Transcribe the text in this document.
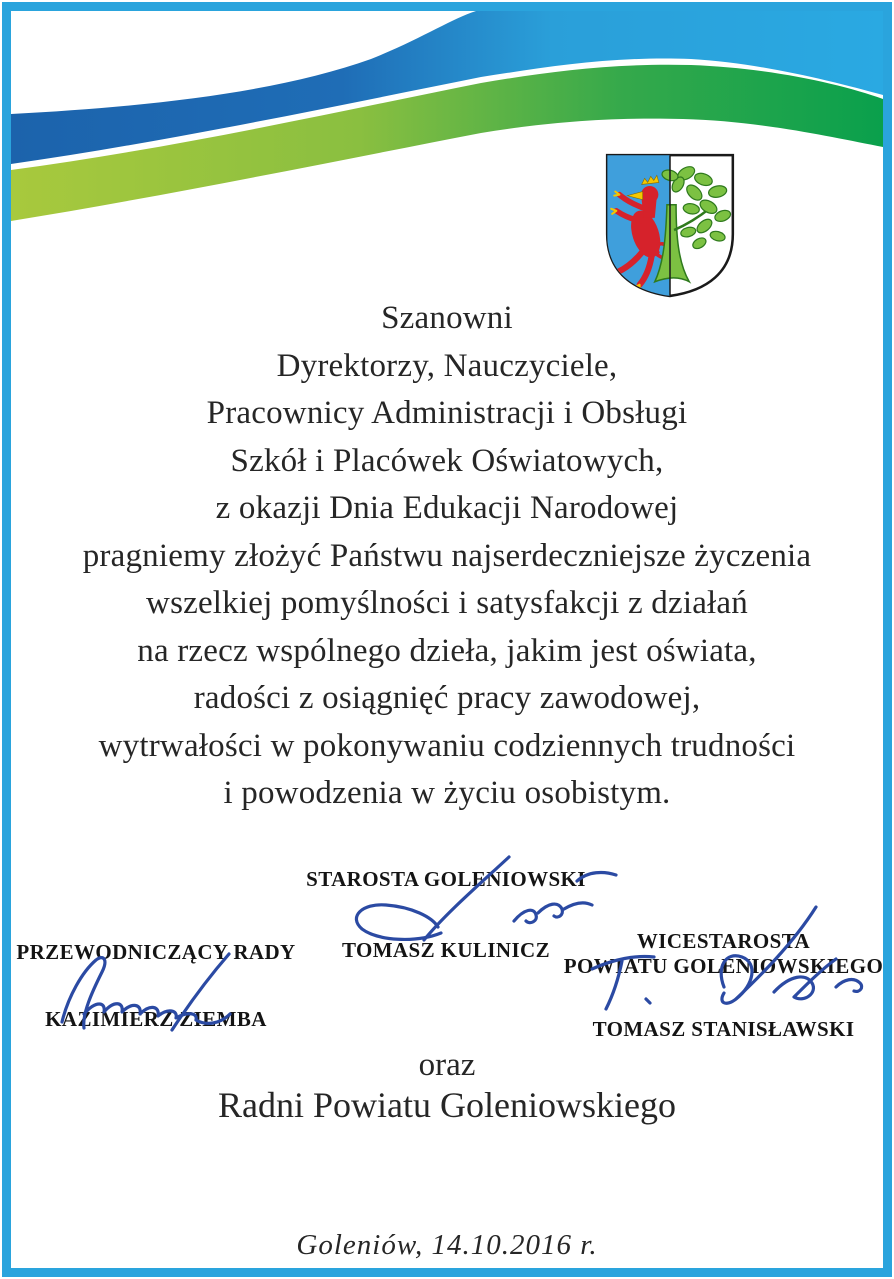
Szanowni
Dyrektorzy, Nauczyciele,
Pracownicy Administracji i Obsługi
Szkół i Placówek Oświatowych,
z okazji Dnia Edukacji Narodowej
pragniemy złożyć Państwu najserdeczniejsze życzenia
wszelkiej pomyślności i satysfakcji z działań
na rzecz wspólnego dzieła, jakim jest oświata,
radości z osiągnięć pracy zawodowej,
wytrwałości w pokonywaniu codziennych trudności
i powodzenia w życiu osobistym.
STAROSTA GOLENIOWSKI
TOMASZ KULINICZ
PRZEWODNICZĄCY RADY
KAZIMIERZ ZIEMBA
WICESTAROSTA
POWIATU GOLENIOWSKIEGO
TOMASZ STANISŁAWSKI
oraz
Radni Powiatu Goleniowskiego
Goleniów, 14.10.2016 r.
